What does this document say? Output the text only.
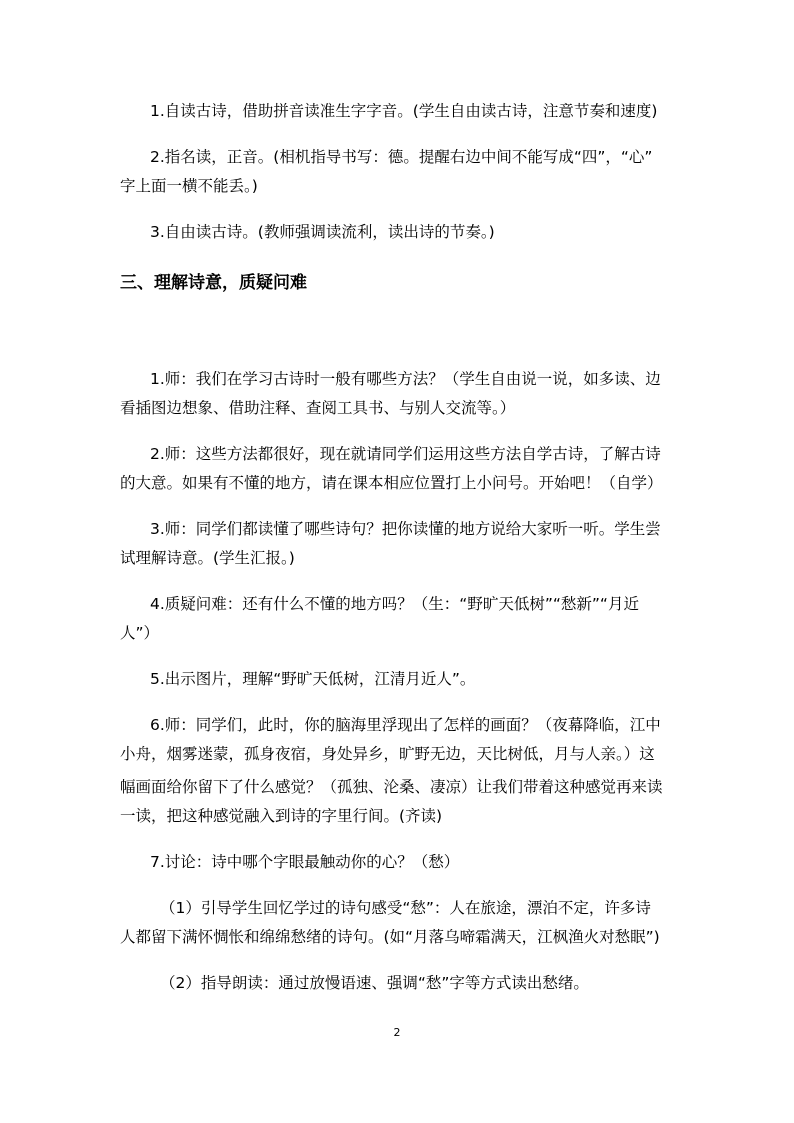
1.自读古诗，借助拼音读准生字字音。(学生自由读古诗，注意节奏和速度)
2.指名读，正音。(相机指导书写：德。提醒右边中间不能写成“四”，“心”
字上面一横不能丢。)
3.自由读古诗。(教师强调读流利，读出诗的节奏。)
三、理解诗意，质疑问难
1.师：我们在学习古诗时一般有哪些方法？（学生自由说一说，如多读、边
看插图边想象、借助注释、查阅工具书、与别人交流等。）
2.师：这些方法都很好，现在就请同学们运用这些方法自学古诗，了解古诗
的大意。如果有不懂的地方，请在课本相应位置打上小问号。开始吧！（自学）
3.师：同学们都读懂了哪些诗句？把你读懂的地方说给大家听一听。学生尝
试理解诗意。(学生汇报。)
4.质疑问难：还有什么不懂的地方吗？（生：“野旷天低树”“愁新”“月近
人”）
5.出示图片，理解“野旷天低树，江清月近人”。
6.师：同学们，此时，你的脑海里浮现出了怎样的画面？（夜幕降临，江中
小舟，烟雾迷蒙，孤身夜宿，身处异乡，旷野无边，天比树低，月与人亲。）这
幅画面给你留下了什么感觉？（孤独、沦桑、凄凉）让我们带着这种感觉再来读
一读，把这种感觉融入到诗的字里行间。(齐读)
7.讨论：诗中哪个字眼最触动你的心？（愁）
（1）引导学生回忆学过的诗句感受“愁”：人在旅途，漂泊不定，许多诗
人都留下满怀惆怅和绵绵愁绪的诗句。(如“月落乌啼霜满天，江枫渔火对愁眠”)
（2）指导朗读：通过放慢语速、强调“愁”字等方式读出愁绪。
2
